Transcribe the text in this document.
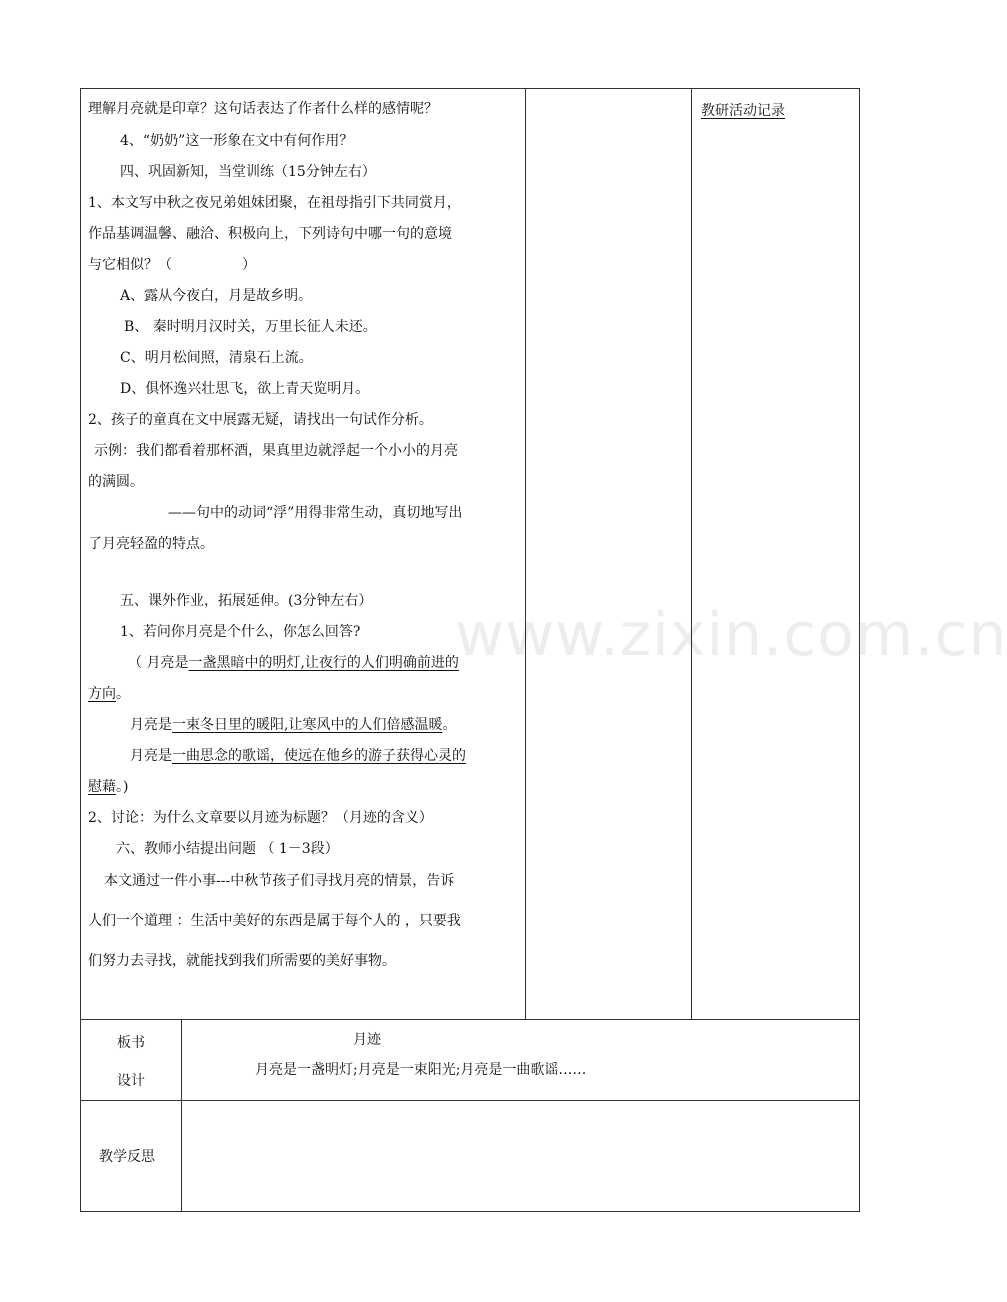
理解月亮就是印章？这句话表达了作者什么样的感情呢？
4、“奶奶”这一形象在文中有何作用？
四、巩固新知，当堂训练（15分钟左右）
1、本文写中秋之夜兄弟姐妹团聚，在祖母指引下共同赏月，
作品基调温馨、融洽、积极向上，下列诗句中哪一句的意境
与它相似？（　　　　　）
A、露从今夜白，月是故乡明。
B、 秦时明月汉时关，万里长征人未还。
C、明月松间照，清泉石上流。
D、俱怀逸兴壮思飞，欲上青天览明月。
2、孩子的童真在文中展露无疑，请找出一句试作分析。
示例：我们都看着那杯酒，果真里边就浮起一个小小的月亮
的满圆。
——句中的动词“浮”用得非常生动，真切地写出
了月亮轻盈的特点。
五、课外作业，拓展延伸。(3分钟左右）
1、若问你月亮是个什么，你怎么回答?
（ 月亮是一盏黑暗中的明灯,让夜行的人们明确前进的
方向。
月亮是一束冬日里的暖阳,让寒风中的人们倍感温暖。
月亮是一曲思念的歌谣，使远在他乡的游子获得心灵的
慰藉。)
2、讨论：为什么文章要以月迹为标题？（月迹的含义）
六、教师小结提出问题 （ 1－3段）
本文通过一件小事---中秋节孩子们寻找月亮的情景，告诉
人们一个道理 ：生活中美好的东西是属于每个人的 ，只要我
们努力去寻找，就能找到我们所需要的美好事物。
教研活动记录
板书
设计
月迹
月亮是一盏明灯;月亮是一束阳光;月亮是一曲歌谣……
教学反思
www.zixin.com.cn
